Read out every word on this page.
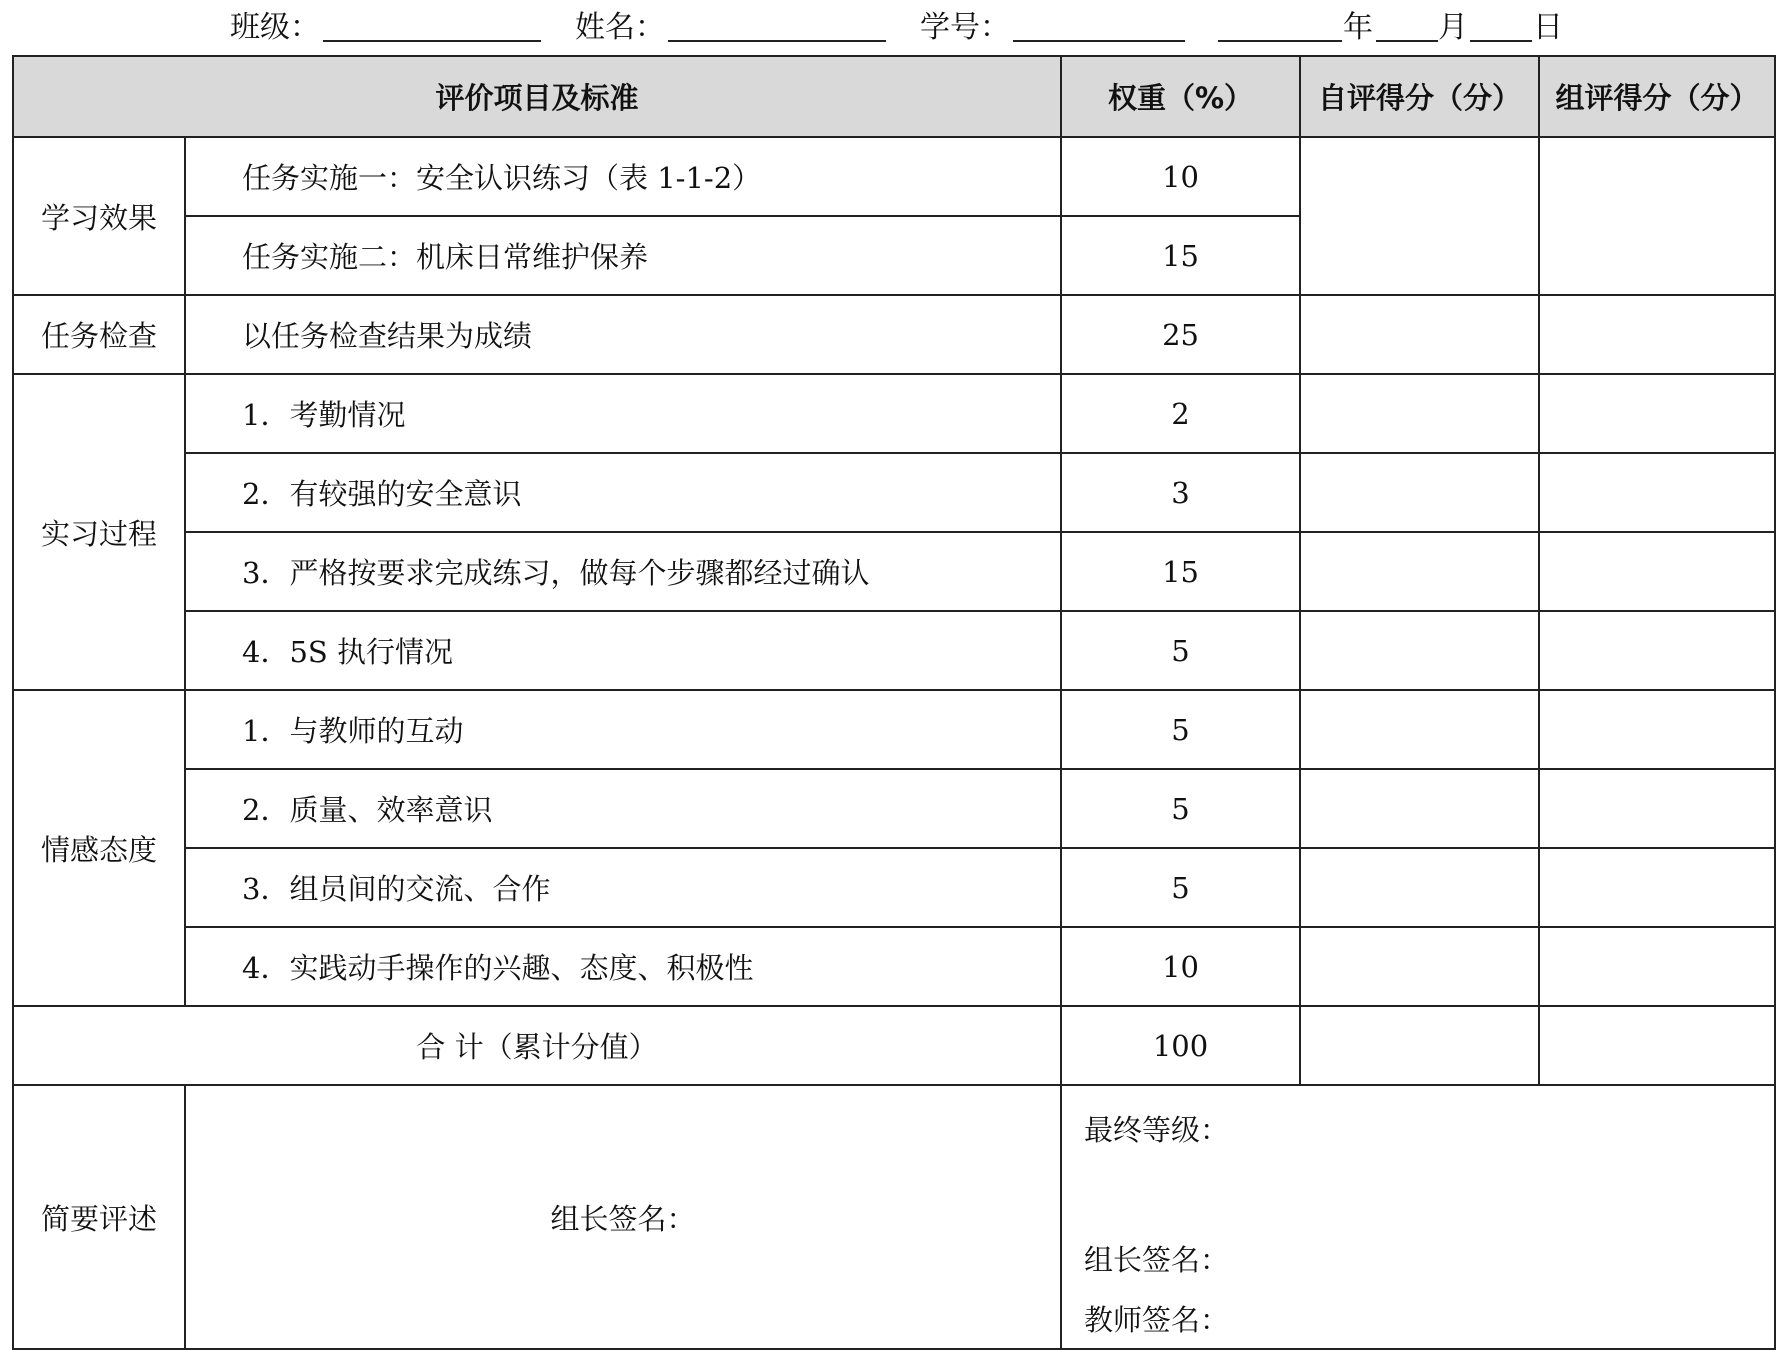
班级：	姓名：	学号：	年 月 日
评价项目及标准		权重（%）	自评得分（分）	组评得分（分）
学习效果	任务实施一：安全认识练习（表 1-1-2）	10		
	任务实施二：机床日常维护保养	15		
任务检查	以任务检查结果为成绩	25		
实习过程	1．考勤情况	2		
	2．有较强的安全意识	3		
	3．严格按要求完成练习，做每个步骤都经过确认	15		
	4．5S 执行情况	5		
情感态度	1．与教师的互动	5		
	2．质量、效率意识	5		
	3．组员间的交流、合作	5		
	4．实践动手操作的兴趣、态度、积极性	10		
合 计（累计分值）		100		
简要评述	组长签名：	最终等级：
组长签名：
教师签名：		
